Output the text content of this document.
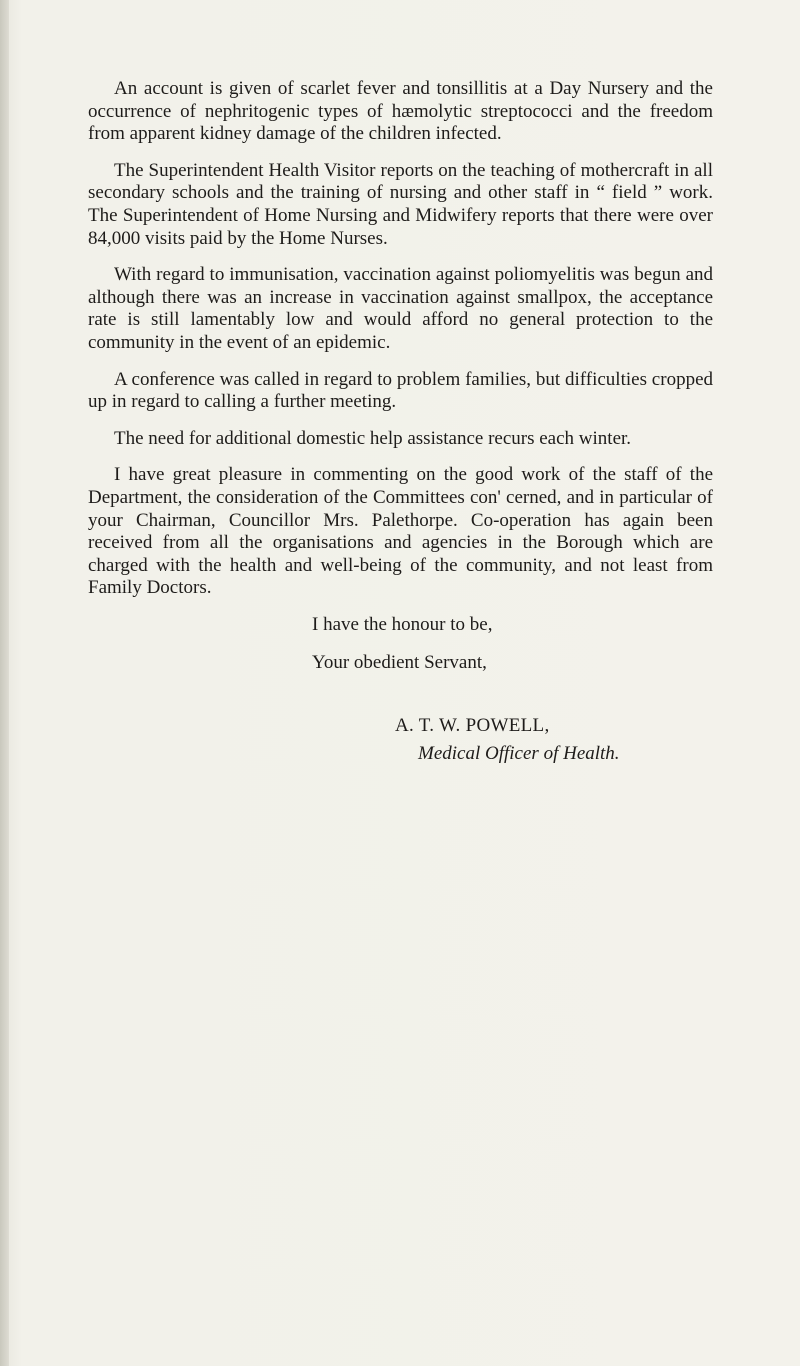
An account is given of scarlet fever and tonsillitis at a Day Nursery and the occurrence of nephritogenic types of hæmolytic streptococci and the freedom from apparent kidney damage of the children infected.

The Superintendent Health Visitor reports on the teaching of mothercraft in all secondary schools and the training of nursing and other staff in “ field ” work. The Superintendent of Home Nursing and Midwifery reports that there were over 84,000 visits paid by the Home Nurses.

With regard to immunisation, vaccination against poliomyelitis was begun and although there was an increase in vaccination against smallpox, the acceptance rate is still lamentably low and would afford no general protection to the community in the event of an epidemic.

A conference was called in regard to problem families, but difficulties cropped up in regard to calling a further meeting.

The need for additional domestic help assistance recurs each winter.

I have great pleasure in commenting on the good work of the staff of the Department, the consideration of the Committees con' cerned, and in particular of your Chairman, Councillor Mrs. Palethorpe. Co-operation has again been received from all the organisations and agencies in the Borough which are charged with the health and well-being of the community, and not least from Family Doctors.

I have the honour to be,

Your obedient Servant,

A. T. W. POWELL,

Medical Officer of Health.
